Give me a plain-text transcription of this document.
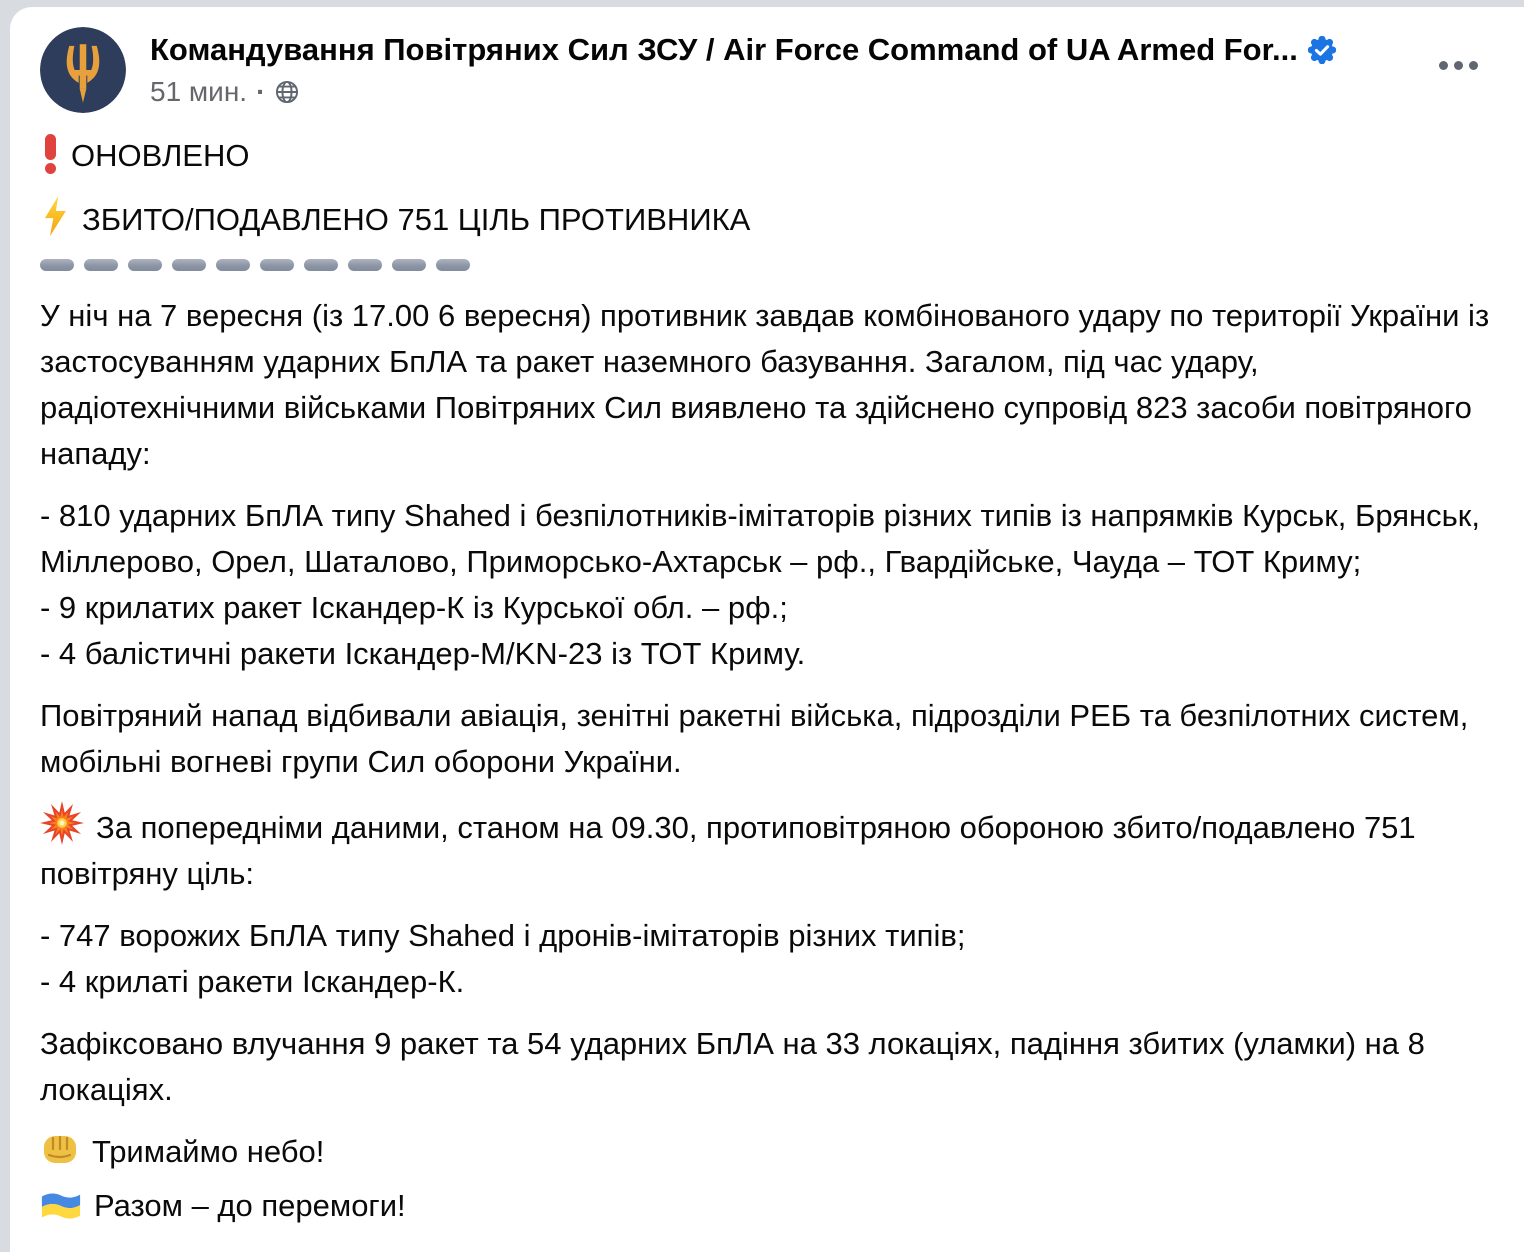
Командування Повітряних Сил ЗСУ / Air Force Command of UA Armed For...
51 мин. ·

ОНОВЛЕНО

ЗБИТО/ПОДАВЛЕНО 751 ЦІЛЬ ПРОТИВНИКА

У ніч на 7 вересня (із 17.00 6 вересня) противник завдав комбінованого удару по території України із застосуванням ударних БпЛА та ракет наземного базування. Загалом, під час удару, радіотехнічними військами Повітряних Сил виявлено та здійснено супровід 823 засоби повітряного нападу:

- 810 ударних БпЛА типу Shahed і безпілотників-імітаторів різних типів із напрямків Курськ, Брянськ, Міллерово, Орел, Шаталово, Приморсько-Ахтарськ – рф., Гвардійське, Чауда – ТОТ Криму;
- 9 крилатих ракет Іскандер-К із Курської обл. – рф.;
- 4 балістичні ракети Іскандер-М/KN-23 із ТОТ Криму.

Повітряний напад відбивали авіація, зенітні ракетні війська, підрозділи РЕБ та безпілотних систем, мобільні вогневі групи Сил оборони України.

За попередніми даними, станом на 09.30, протиповітряною обороною збито/подавлено 751 повітряну ціль:

- 747 ворожих БпЛА типу Shahed і дронів-імітаторів різних типів;
- 4 крилаті ракети Іскандер-К.

Зафіксовано влучання 9 ракет та 54 ударних БпЛА на 33 локаціях, падіння збитих (уламки) на 8 локаціях.

Тримаймо небо!

Разом – до перемоги!
